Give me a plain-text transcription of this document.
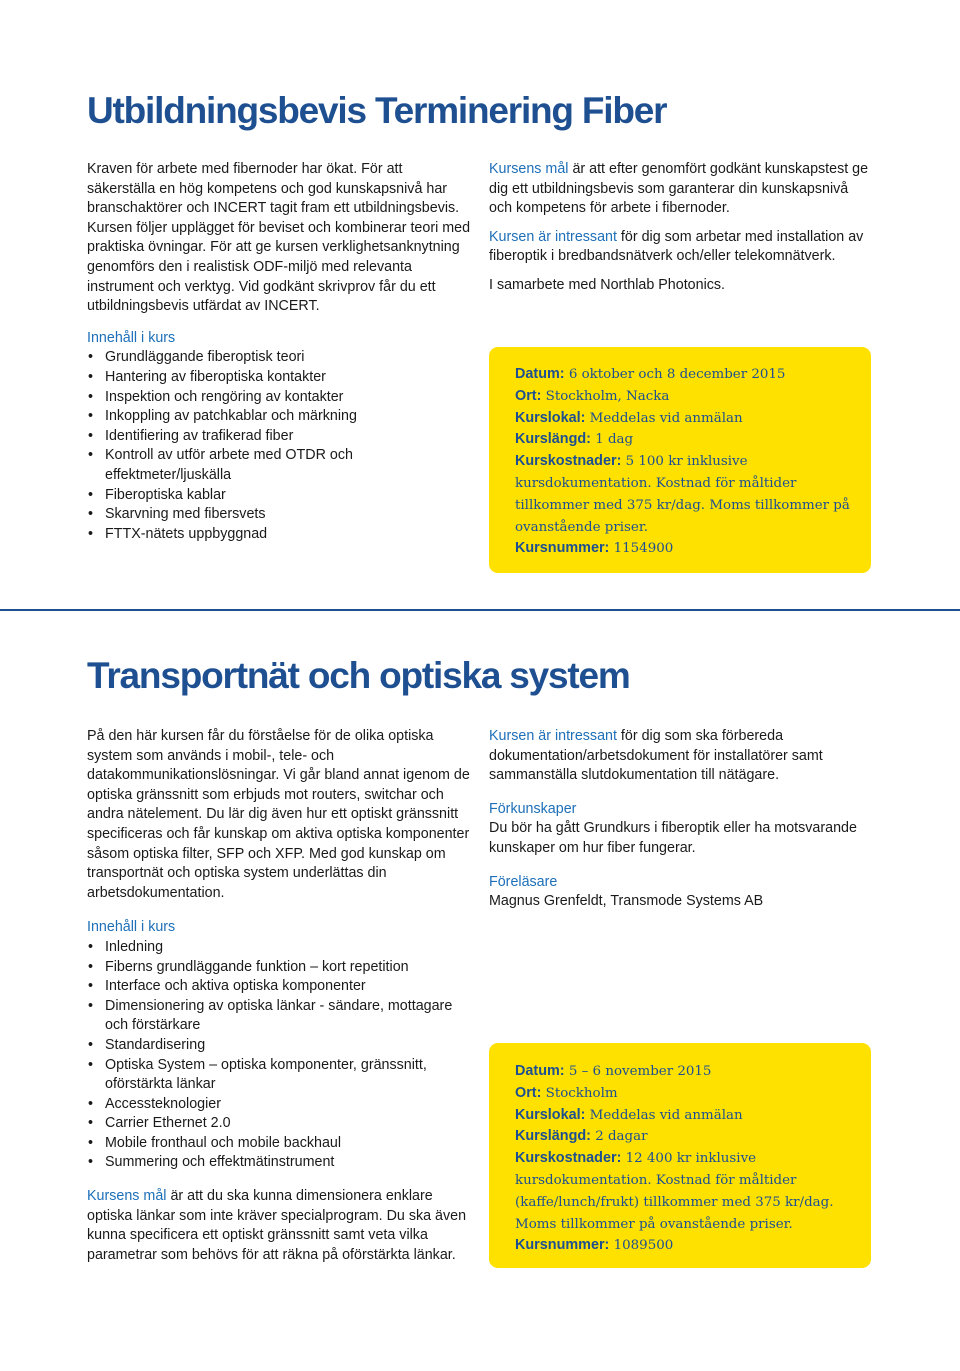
Utbildningsbevis Terminering Fiber

Kraven för arbete med fibernoder har ökat. För att säkerställa en hög kompetens och god kunskapsnivå har branschaktörer och INCERT tagit fram ett utbildningsbevis. Kursen följer upplägget för beviset och kombinerar teori med praktiska övningar. För att ge kursen verklighetsanknytning genomförs den i realistisk ODF-miljö med relevanta instrument och verktyg. Vid godkänt skrivprov får du ett utbildningsbevis utfärdat av INCERT.

Innehåll i kurs

• Grundläggande fiberoptisk teori
• Hantering av fiberoptiska kontakter
• Inspektion och rengöring av kontakter
• Inkoppling av patchkablar och märkning
• Identifiering av trafikerad fiber
• Kontroll av utför arbete med OTDR och effektmeter/ljuskälla
• Fiberoptiska kablar
• Skarvning med fibersvets
• FTTX-nätets uppbyggnad

Kursens mål är att efter genomfört godkänt kunskapstest ge dig ett utbildningsbevis som garanterar din kunskapsnivå och kompetens för arbete i fibernoder.

Kursen är intressant för dig som arbetar med installation av fiberoptik i bredbandsnätverk och/eller telekomnätverk.

I samarbete med Northlab Photonics.

Datum: 6 oktober och 8 december 2015
Ort: Stockholm, Nacka
Kurslokal: Meddelas vid anmälan
Kurslängd: 1 dag
Kurskostnader: 5 100 kr inklusive kursdokumentation. Kostnad för måltider tillkommer med 375 kr/dag. Moms tillkommer på ovanstående priser.
Kursnummer: 1154900
Transportnät och optiska system

På den här kursen får du förståelse för de olika optiska system som används i mobil-, tele- och datakommunikationslösningar. Vi går bland annat igenom de optiska gränssnitt som erbjuds mot routers, switchar och andra nätelement. Du lär dig även hur ett optiskt gränssnitt specificeras och får kunskap om aktiva optiska komponenter såsom optiska filter, SFP och XFP. Med god kunskap om transportnät och optiska system underlättas din arbetsdokumentation.

Innehåll i kurs

• Inledning
• Fiberns grundläggande funktion – kort repetition
• Interface och aktiva optiska komponenter
• Dimensionering av optiska länkar - sändare, mottagare och förstärkare
• Standardisering
• Optiska System – optiska komponenter, gränssnitt, oförstärkta länkar
• Accessteknologier
• Carrier Ethernet 2.0
• Mobile fronthaul och mobile backhaul
• Summering och effektmätinstrument

Kursens mål är att du ska kunna dimensionera enklare optiska länkar som inte kräver specialprogram. Du ska även kunna specificera ett optiskt gränssnitt samt veta vilka parametrar som behövs för att räkna på oförstärkta länkar.

Kursen är intressant för dig som ska förbereda dokumentation/arbetsdokument för installatörer samt sammanställa slutdokumentation till nätägare.

Förkunskaper

Du bör ha gått Grundkurs i fiberoptik eller ha motsvarande kunskaper om hur fiber fungerar.

Föreläsare

Magnus Grenfeldt, Transmode Systems AB

Datum: 5 – 6 november 2015
Ort: Stockholm
Kurslokal: Meddelas vid anmälan
Kurslängd: 2 dagar
Kurskostnader: 12 400 kr inklusive kursdokumentation. Kostnad för måltider (kaffe/lunch/frukt) tillkommer med 375 kr/dag. Moms tillkommer på ovanstående priser.
Kursnummer: 1089500
